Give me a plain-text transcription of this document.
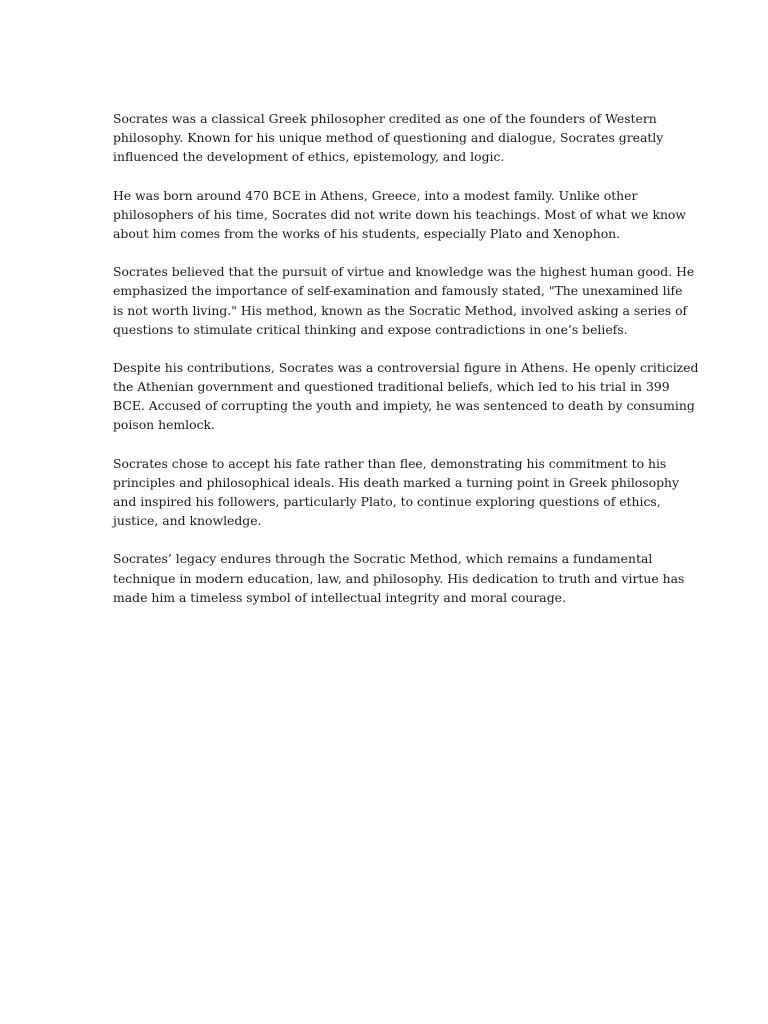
Socrates was a classical Greek philosopher credited as one of the founders of Western
philosophy. Known for his unique method of questioning and dialogue, Socrates greatly
influenced the development of ethics, epistemology, and logic.

He was born around 470 BCE in Athens, Greece, into a modest family. Unlike other
philosophers of his time, Socrates did not write down his teachings. Most of what we know
about him comes from the works of his students, especially Plato and Xenophon.

Socrates believed that the pursuit of virtue and knowledge was the highest human good. He
emphasized the importance of self-examination and famously stated, "The unexamined life
is not worth living." His method, known as the Socratic Method, involved asking a series of
questions to stimulate critical thinking and expose contradictions in one’s beliefs.

Despite his contributions, Socrates was a controversial figure in Athens. He openly criticized
the Athenian government and questioned traditional beliefs, which led to his trial in 399
BCE. Accused of corrupting the youth and impiety, he was sentenced to death by consuming
poison hemlock.

Socrates chose to accept his fate rather than flee, demonstrating his commitment to his
principles and philosophical ideals. His death marked a turning point in Greek philosophy
and inspired his followers, particularly Plato, to continue exploring questions of ethics,
justice, and knowledge.

Socrates’ legacy endures through the Socratic Method, which remains a fundamental
technique in modern education, law, and philosophy. His dedication to truth and virtue has
made him a timeless symbol of intellectual integrity and moral courage.
